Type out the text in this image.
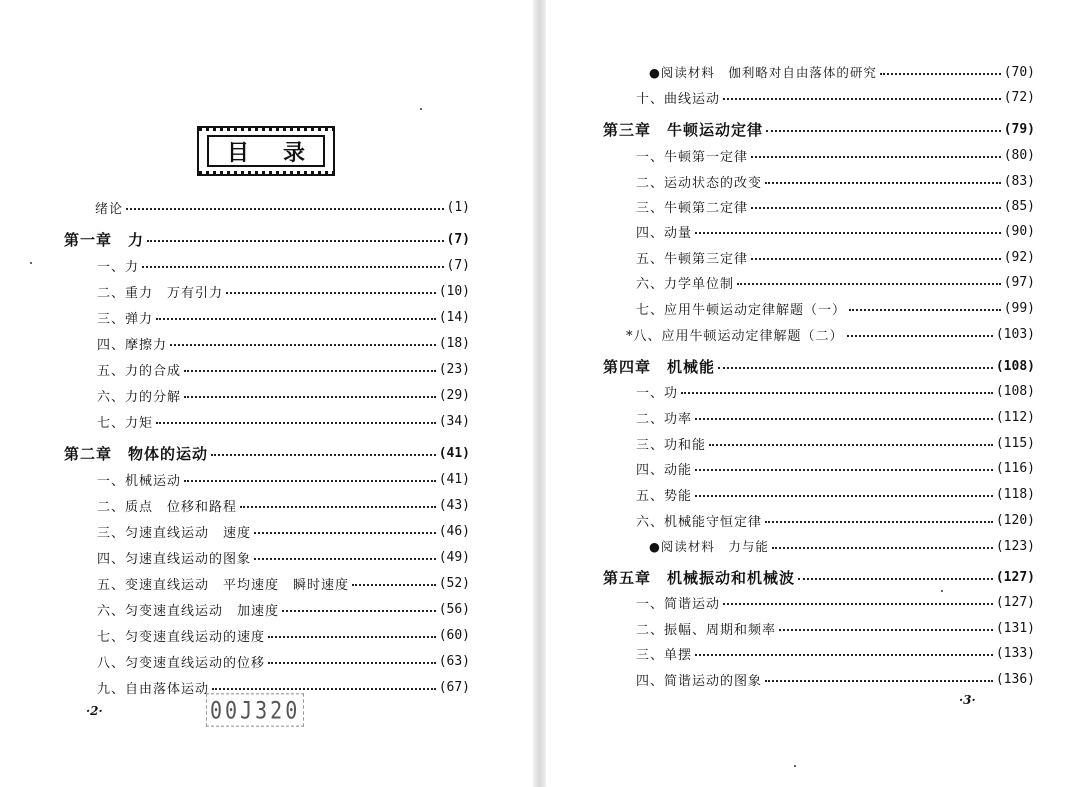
目 录
绪论	(1)
第一章　力	(7)
一、力	(7)
二、重力　万有引力	(10)
三、弹力	(14)
四、摩擦力	(18)
五、力的合成	(23)
六、力的分解	(29)
七、力矩	(34)
第二章　物体的运动	(41)
一、机械运动	(41)
二、质点　位移和路程	(43)
三、匀速直线运动　速度	(46)
四、匀速直线运动的图象	(49)
五、变速直线运动　平均速度　瞬时速度	(52)
六、匀变速直线运动　加速度	(56)
七、匀变速直线运动的速度	(60)
八、匀变速直线运动的位移	(63)
九、自由落体运动	(67)
·2·	00J320
●阅读材料　伽利略对自由落体的研究	(70)
十、曲线运动	(72)
第三章　牛顿运动定律	(79)
一、牛顿第一定律	(80)
二、运动状态的改变	(83)
三、牛顿第二定律	(85)
四、动量	(90)
五、牛顿第三定律	(92)
六、力学单位制	(97)
七、应用牛顿运动定律解题（一）	(99)
*八、应用牛顿运动定律解题（二）	(103)
第四章　机械能	(108)
一、功	(108)
二、功率	(112)
三、功和能	(115)
四、动能	(116)
五、势能	(118)
六、机械能守恒定律	(120)
●阅读材料　力与能	(123)
第五章　机械振动和机械波	(127)
一、简谐运动	(127)
二、振幅、周期和频率	(131)
三、单摆	(133)
四、简谐运动的图象	(136)
·3·
